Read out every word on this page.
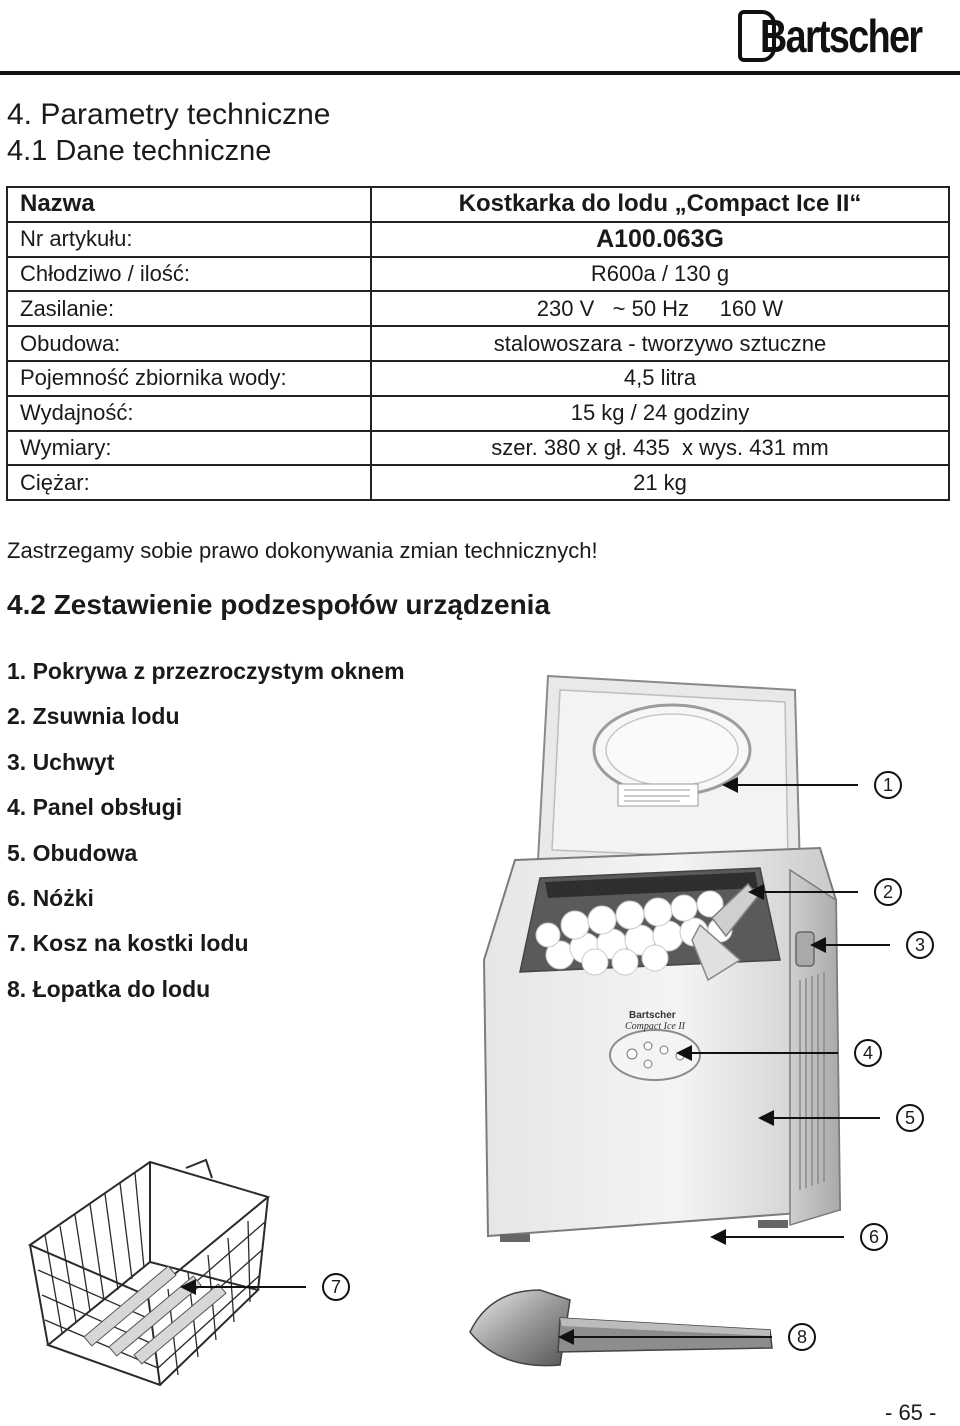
Bartscher
4. Parametry techniczne
4.1 Dane techniczne
Nazwa	Kostkarka do lodu „Compact Ice II“
Nr artykułu:	A100.063G
Chłodziwo / ilość:	R600a / 130 g
Zasilanie:	230 V   ~ 50 Hz     160 W
Obudowa:	stalowoszara - tworzywo sztuczne
Pojemność zbiornika wody:	4,5 litra
Wydajność:	15 kg / 24 godziny
Wymiary:	szer. 380 x gł. 435  x wys. 431 mm
Ciężar:	21 kg
Zastrzegamy sobie prawo dokonywania zmian technicznych!
4.2 Zestawienie podzespołów urządzenia
1. Pokrywa z przezroczystym oknem
2. Zsuwnia lodu
3. Uchwyt
4. Panel obsługi
5. Obudowa
6. Nóżki
7. Kosz na kostki lodu
8. Łopatka do lodu
Bartscher
Compact Ice II
1
2
3
4
5
6
7
8
- 65 -
